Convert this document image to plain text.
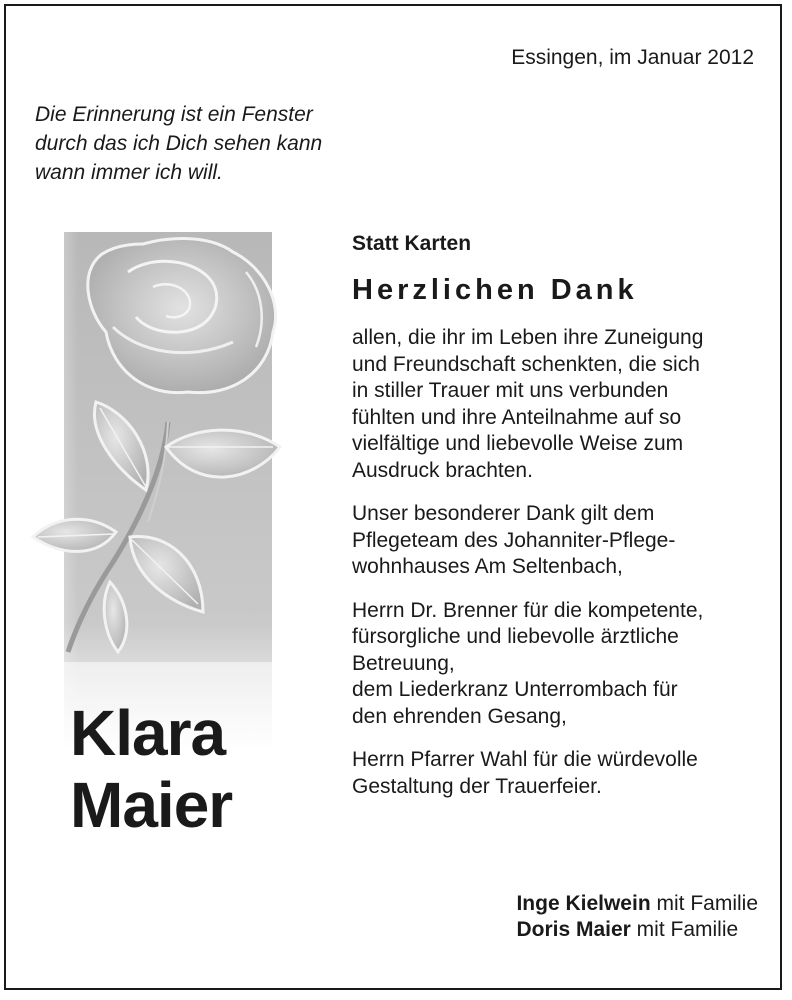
Essingen, im Januar 2012
Die Erinnerung ist ein Fenster
durch das ich Dich sehen kann
wann immer ich will.
Klara
Maier
Statt Karten
Herzlichen Dank
allen, die ihr im Leben ihre Zuneigung
und Freundschaft schenkten, die sich
in stiller Trauer mit uns verbunden
fühlten und ihre Anteilnahme auf so
vielfältige und liebevolle Weise zum
Ausdruck brachten.
Unser besonderer Dank gilt dem
Pflegeteam des Johanniter-Pflege-
wohnhauses Am Seltenbach,
Herrn Dr. Brenner für die kompetente,
fürsorgliche und liebevolle ärztliche
Betreuung,
dem Liederkranz Unterrombach für
den ehrenden Gesang,
Herrn Pfarrer Wahl für die würdevolle
Gestaltung der Trauerfeier.
Inge Kielwein mit Familie
Doris Maier mit Familie
